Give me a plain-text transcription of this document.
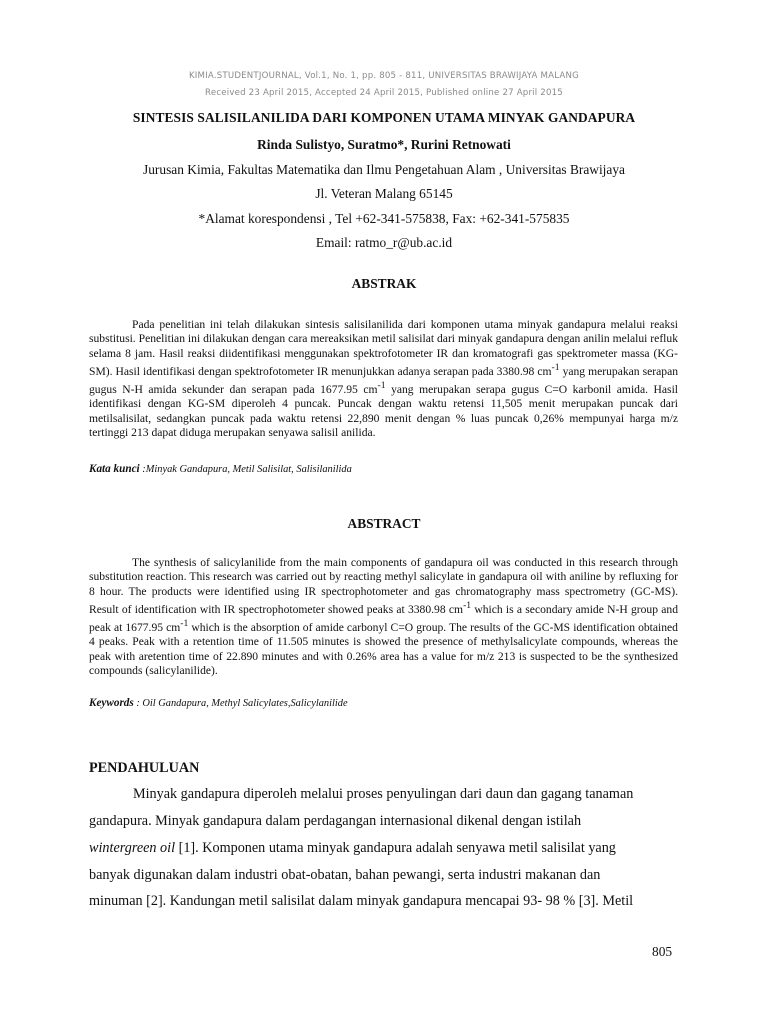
KIMIA.STUDENTJOURNAL, Vol.1, No. 1, pp. 805 - 811, UNIVERSITAS BRAWIJAYA MALANG
Received 23 April 2015, Accepted 24 April 2015, Published online 27 April 2015
SINTESIS SALISILANILIDA DARI KOMPONEN UTAMA MINYAK GANDAPURA
Rinda Sulistyo, Suratmo*, Rurini Retnowati
Jurusan Kimia, Fakultas Matematika dan Ilmu Pengetahuan Alam , Universitas Brawijaya
Jl. Veteran Malang 65145
*Alamat korespondensi , Tel +62-341-575838, Fax: +62-341-575835
Email: ratmo_r@ub.ac.id
ABSTRAK

Pada penelitian ini telah dilakukan sintesis salisilanilida dari komponen utama minyak gandapura melalui reaksi substitusi. Penelitian ini dilakukan dengan cara mereaksikan metil salisilat dari minyak gandapura dengan anilin melalui refluk selama 8 jam. Hasil reaksi diidentifikasi menggunakan spektrofotometer IR dan kromatografi gas spektrometer massa (KG-SM). Hasil identifikasi dengan spektrofotometer IR menunjukkan adanya serapan pada 3380.98 $cm^{-1}$ yang merupakan serapan gugus N-H amida sekunder dan serapan pada 1677.95 $cm^{-1}$ yang merupakan serapa gugus C=O karbonil amida. Hasil identifikasi dengan KG-SM diperoleh 4 puncak. Puncak dengan waktu retensi 11,505 menit merupakan puncak dari metilsalisilat, sedangkan puncak pada waktu retensi 22,890 menit dengan % luas puncak 0,26% mempunyai harga m/z tertinggi 213 dapat diduga merupakan senyawa salisil anilida.

Kata kunci :Minyak Gandapura, Metil Salisilat, Salisilanilida
ABSTRACT

The synthesis of salicylanilide from the main components of gandapura oil was conducted in this research through substitution reaction. This research was carried out by reacting methyl salicylate in gandapura oil with aniline by refluxing for 8 hour. The products were identified using IR spectrophotometer and gas chromatography mass spectrometry (GC-MS). Result of identification with IR spectrophotometer showed peaks at 3380.98 $cm^{-1}$ which is a secondary amide N-H group and peak at 1677.95 $cm^{-1}$ which is the absorption of amide carbonyl C=O group. The results of the GC-MS identification obtained 4 peaks. Peak with a retention time of 11.505 minutes is showed the presence of methylsalicylate compounds, whereas the peak with aretention time of 22.890 minutes and with 0.26% area has a value for m/z 213 is suspected to be the synthesized compounds (salicylanilide).

Keywords : Oil Gandapura, Methyl Salicylates,Salicylanilide
PENDAHULUAN

Minyak gandapura diperoleh melalui proses penyulingan dari daun dan gagang tanaman

gandapura. Minyak gandapura dalam perdagangan internasional dikenal dengan istilah

wintergreen oil [1]. Komponen utama minyak gandapura adalah senyawa metil salisilat yang

banyak digunakan dalam industri obat-obatan, bahan pewangi, serta industri makanan dan

minuman [2]. Kandungan metil salisilat dalam minyak gandapura mencapai 93- 98 % [3]. Metil

805
